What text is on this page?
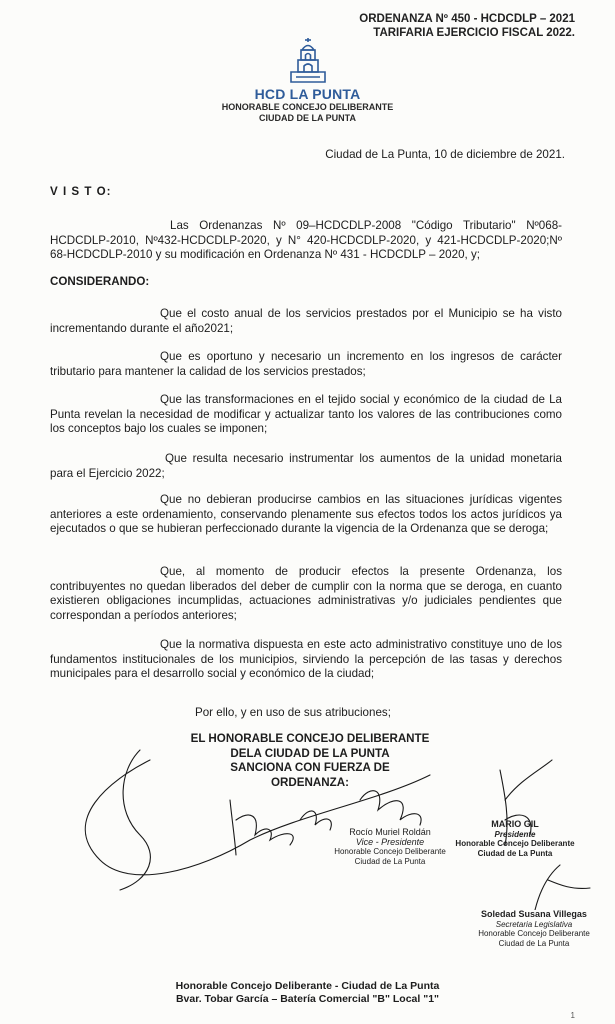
ORDENANZA Nº 450 - HCDCDLP – 2021
TARIFARIA EJERCICIO FISCAL 2022.
HCD LA PUNTA
HONORABLE CONCEJO DELIBERANTE
CIUDAD DE LA PUNTA
Ciudad de La Punta, 10 de diciembre de 2021.
V I S T O:
Las Ordenanzas Nº 09–HCDCDLP-2008 "Código Tributario" Nº068-HCDCDLP-2010, Nº432-HCDCDLP-2020, y N° 420-HCDCDLP-2020, y 421-HCDCDLP-2020;Nº 68-HCDCDLP-2010 y su modificación en Ordenanza Nº 431 - HCDCDLP – 2020, y;
CONSIDERANDO:
Que el costo anual de los servicios prestados por el Municipio se ha visto incrementando durante el año2021;
Que es oportuno y necesario un incremento en los ingresos de carácter tributario para mantener la calidad de los servicios prestados;
Que las transformaciones en el tejido social y económico de la ciudad de La Punta revelan la necesidad de modificar y actualizar tanto los valores de las contribuciones como los conceptos bajo los cuales se imponen;
Que resulta necesario instrumentar los aumentos de la unidad monetaria para el Ejercicio 2022;
Que no debieran producirse cambios en las situaciones jurídicas vigentes anteriores a este ordenamiento, conservando plenamente sus efectos todos los actos jurídicos ya ejecutados o que se hubieran perfeccionado durante la vigencia de la Ordenanza que se deroga;
Que, al momento de producir efectos la presente Ordenanza, los contribuyentes no quedan liberados del deber de cumplir con la norma que se deroga, en cuanto existieren obligaciones incumplidas, actuaciones administrativas y/o judiciales pendientes que correspondan a períodos anteriores;
Que la normativa dispuesta en este acto administrativo constituye uno de los fundamentos institucionales de los municipios, sirviendo la percepción de las tasas y derechos municipales para el desarrollo social y económico de la ciudad;
Por ello, y en uso de sus atribuciones;
EL HONORABLE CONCEJO DELIBERANTE
DELA CIUDAD DE LA PUNTA
SANCIONA CON FUERZA DE
ORDENANZA:
Rocío Muriel Roldán
Vice - Presidente
Honorable Concejo Deliberante
Ciudad de La Punta
MARIO GIL
Presidente
Honorable Concejo Deliberante
Ciudad de La Punta
Soledad Susana Villegas
Secretaria Legislativa
Honorable Concejo Deliberante
Ciudad de La Punta
Honorable Concejo Deliberante - Ciudad de La Punta
Bvar. Tobar García – Batería Comercial "B" Local "1"
1
